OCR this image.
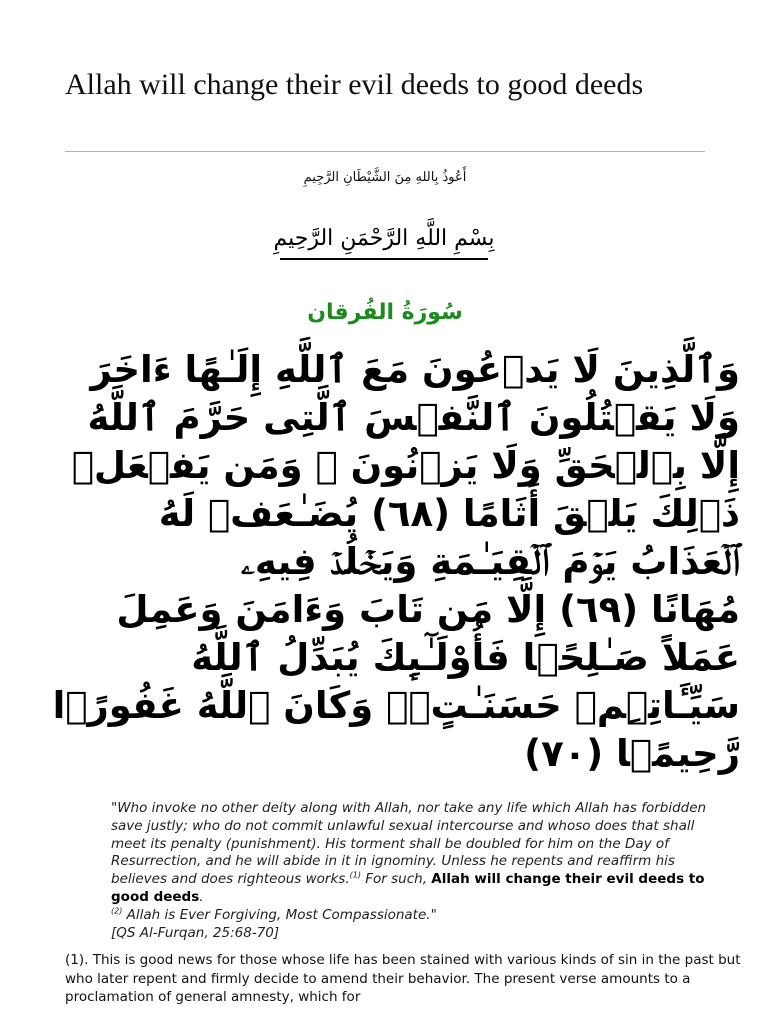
Allah will change their evil deeds to good deeds
أَعُوذُ بِاللهِ مِنَ الشَّيْطَانِ الرَّجِيمِ
بِسْمِ اللَّهِ الرَّحْمَنِ الرَّحِيمِ
سُورَةُ الفُرقان
وَٱلَّذِينَ لَا يَدۡعُونَ مَعَ ٱللَّهِ إِلَـٰهًا ءَاخَرَ
وَلَا يَقۡتُلُونَ ٱلنَّفۡسَ ٱلَّتِى حَرَّمَ ٱللَّهُ
إِلَّا بِٱلۡحَقِّ وَلَا يَزۡنُونَ ۚ وَمَن يَفۡعَلۡ
ذَٲلِكَ يَلۡقَ أَثَامًا (٦٨) يُضَـٰعَفۡ لَهُ
ٱلۡعَذَابُ يَوۡمَ ٱلۡقِيَـٰمَةِ وَيَخۡلُدۡ فِيهِۦ
مُهَانًا (٦٩) إِلَّا مَن تَابَ وَءَامَنَ وَعَمِلَ
عَمَلاً صَـٰلِحً۬ا فَأُوْلَـٰٓٮِٕكَ يُبَدِّلُ ٱللَّهُ
سَيِّـَٔاتِہِمۡ حَسَنَـٰتٍ۬ۗ وَكَانَ ٱللَّهُ غَفُورً۬ا
رَّحِيمً۬ا (٧٠)
"Who invoke no other deity along with Allah, nor take any life which Allah has forbidden save justly; who do not commit unlawful sexual intercourse and whoso does that shall meet its penalty (punishment). His torment shall be doubled for him on the Day of Resurrection, and he will abide in it in ignominy. Unless he repents and reaffirm his believes and does righteous works.$^{(1)}$ For such, Allah will change their evil deeds to good deeds.
$^{(2)}$ Allah is Ever Forgiving, Most Compassionate."
[QS Al-Furqan, 25:68-70]
(1). This is good news for those whose life has been stained with various kinds of sin in the past but who later repent and firmly decide to amend their behavior. The present verse amounts to a proclamation of general amnesty, which for
